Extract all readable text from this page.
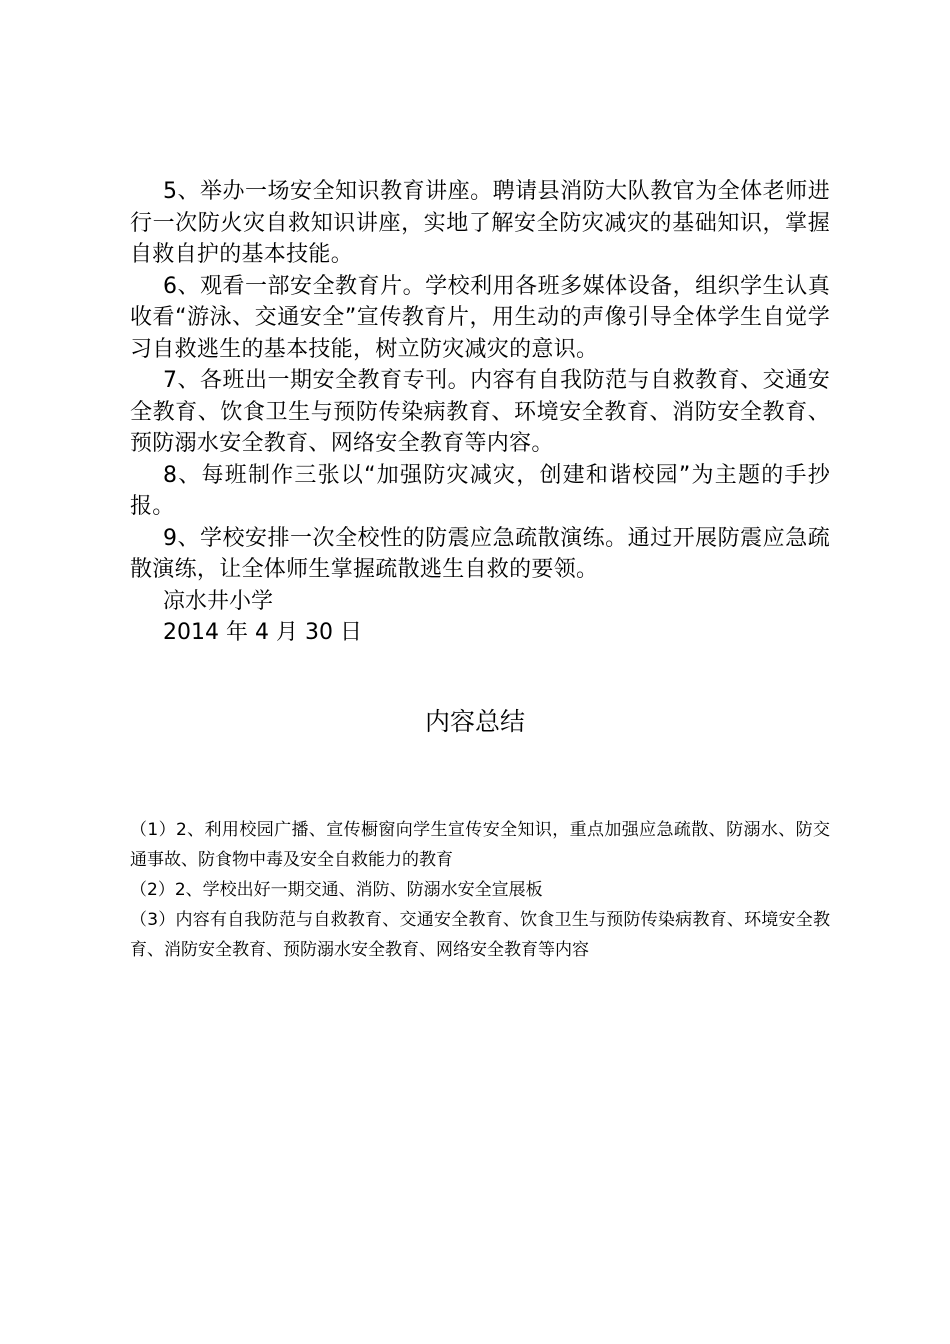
5、举办一场安全知识教育讲座。聘请县消防大队教官为全体老师进行一次防火灾自救知识讲座，实地了解安全防灾减灾的基础知识，掌握自救自护的基本技能。

6、观看一部安全教育片。学校利用各班多媒体设备，组织学生认真收看“游泳、交通安全”宣传教育片，用生动的声像引导全体学生自觉学习自救逃生的基本技能，树立防灾减灾的意识。

7、各班出一期安全教育专刊。内容有自我防范与自救教育、交通安全教育、饮食卫生与预防传染病教育、环境安全教育、消防安全教育、预防溺水安全教育、网络安全教育等内容。

8、每班制作三张以“加强防灾减灾，创建和谐校园”为主题的手抄报。

9、学校安排一次全校性的防震应急疏散演练。通过开展防震应急疏散演练，让全体师生掌握疏散逃生自救的要领。

凉水井小学

2014 年 4 月 30 日

内容总结

（1）2、利用校园广播、宣传橱窗向学生宣传安全知识，重点加强应急疏散、防溺水、防交通事故、防食物中毒及安全自救能力的教育

（2）2、学校出好一期交通、消防、防溺水安全宣展板

（3）内容有自我防范与自救教育、交通安全教育、饮食卫生与预防传染病教育、环境安全教育、消防安全教育、预防溺水安全教育、网络安全教育等内容
